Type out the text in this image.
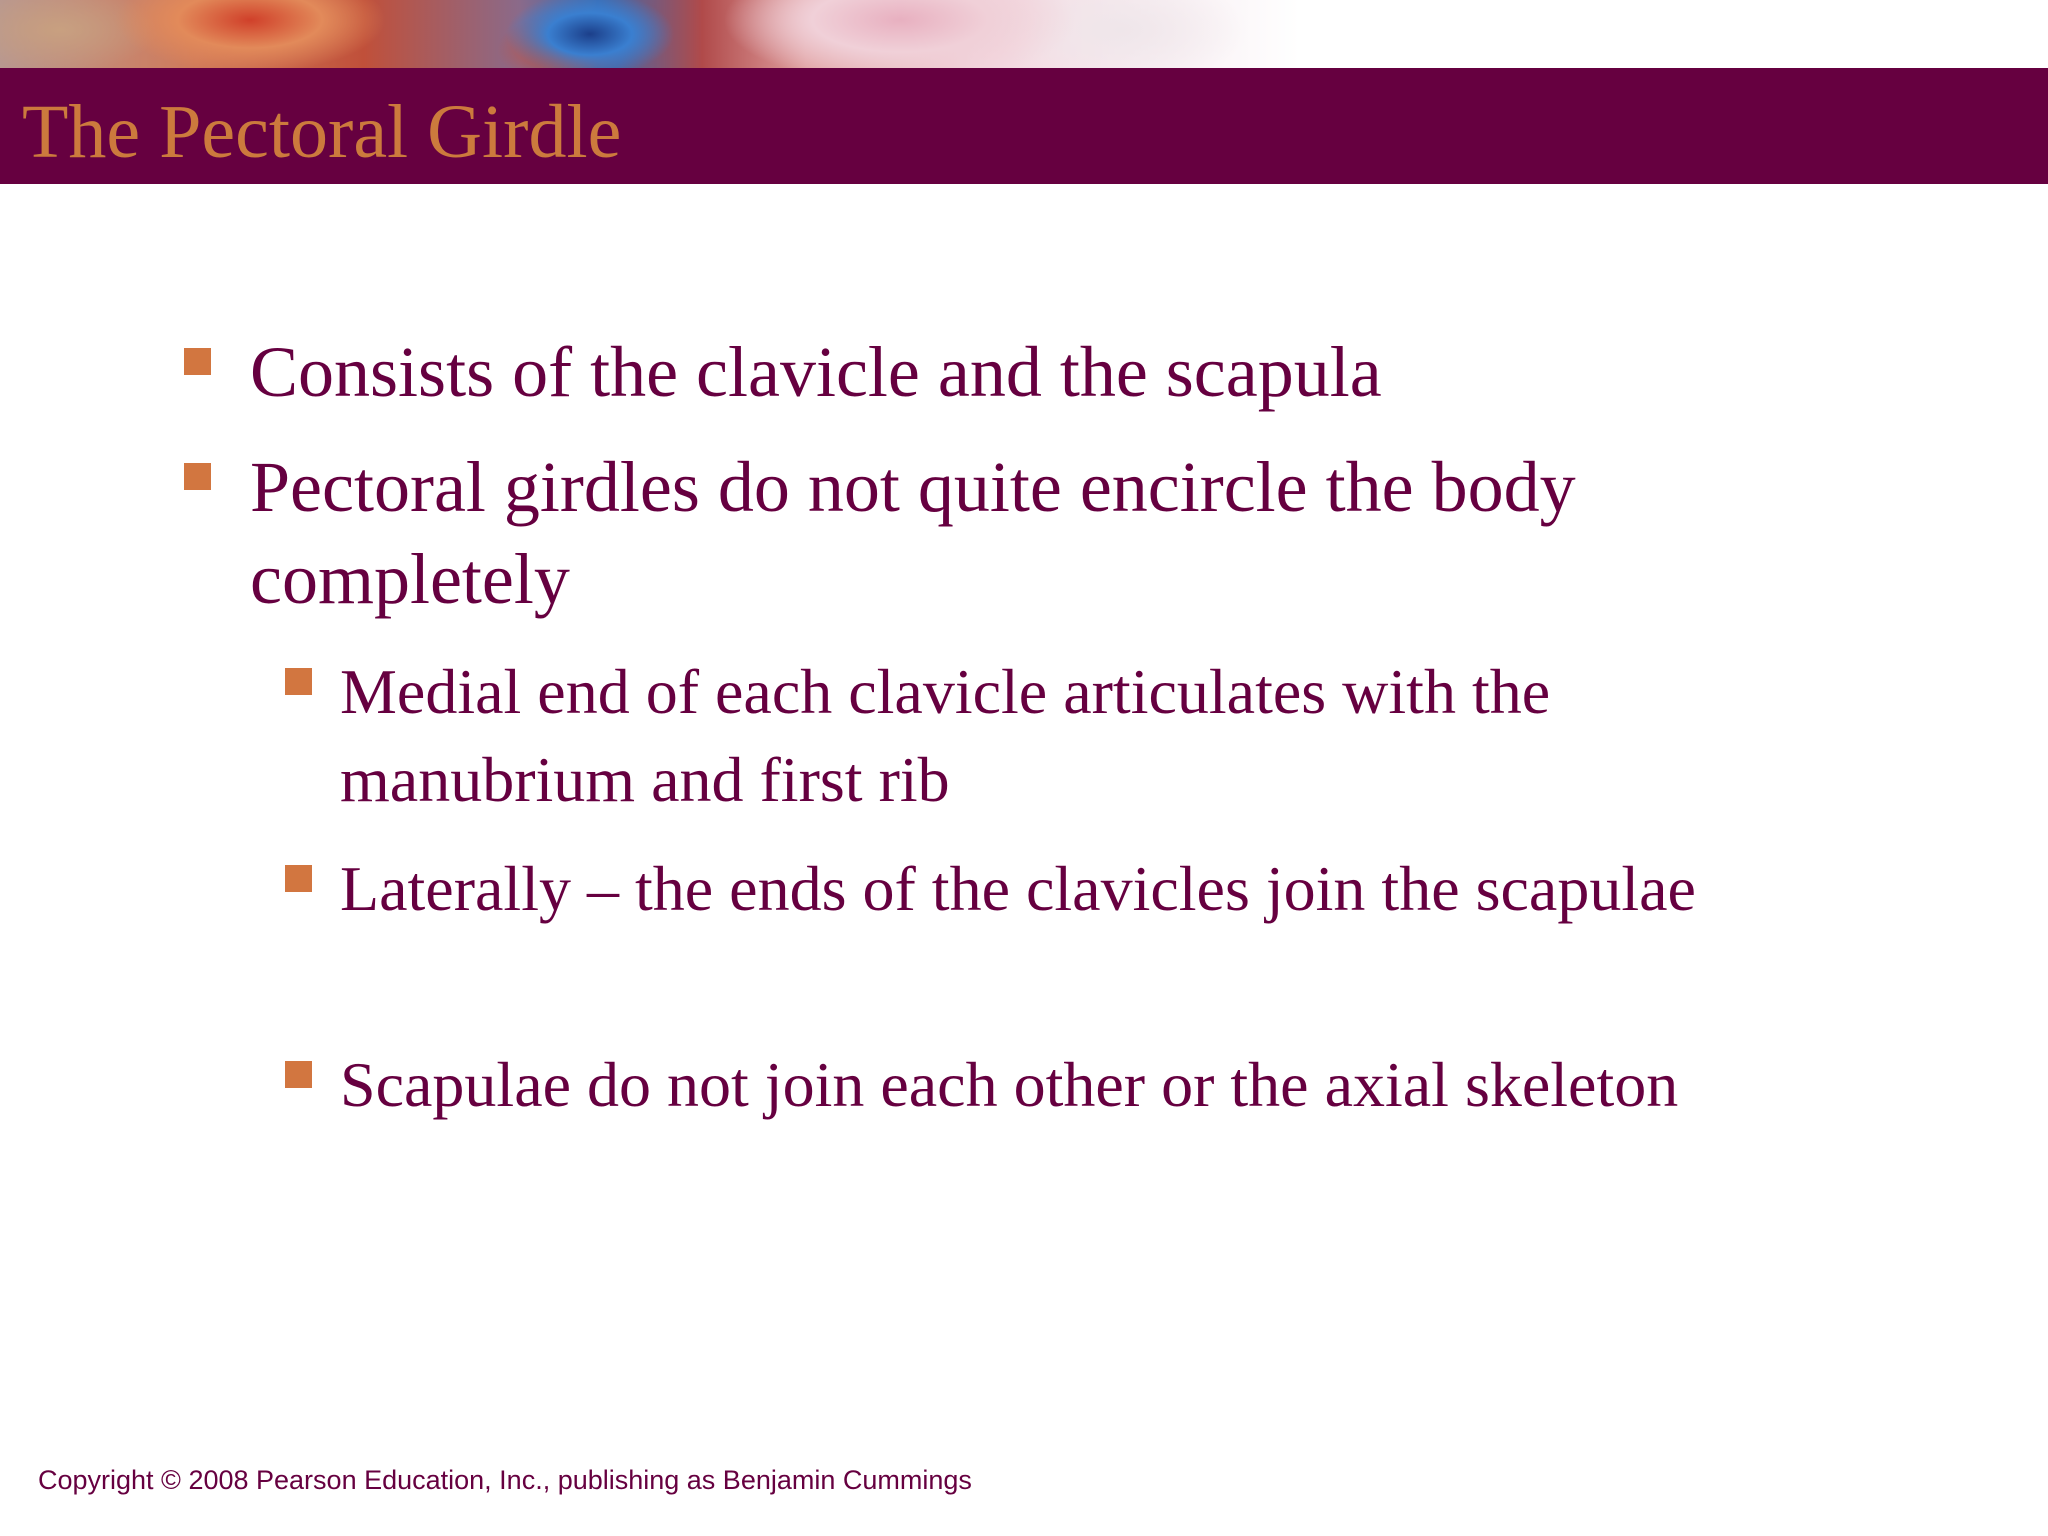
The Pectoral Girdle
Consists of the clavicle and the scapula
Pectoral girdles do not quite encircle the body completely
Medial end of each clavicle articulates with the manubrium and first rib
Laterally – the ends of the clavicles join the scapulae
Scapulae do not join each other or the axial skeleton

Copyright © 2008 Pearson Education, Inc., publishing as Benjamin Cummings
